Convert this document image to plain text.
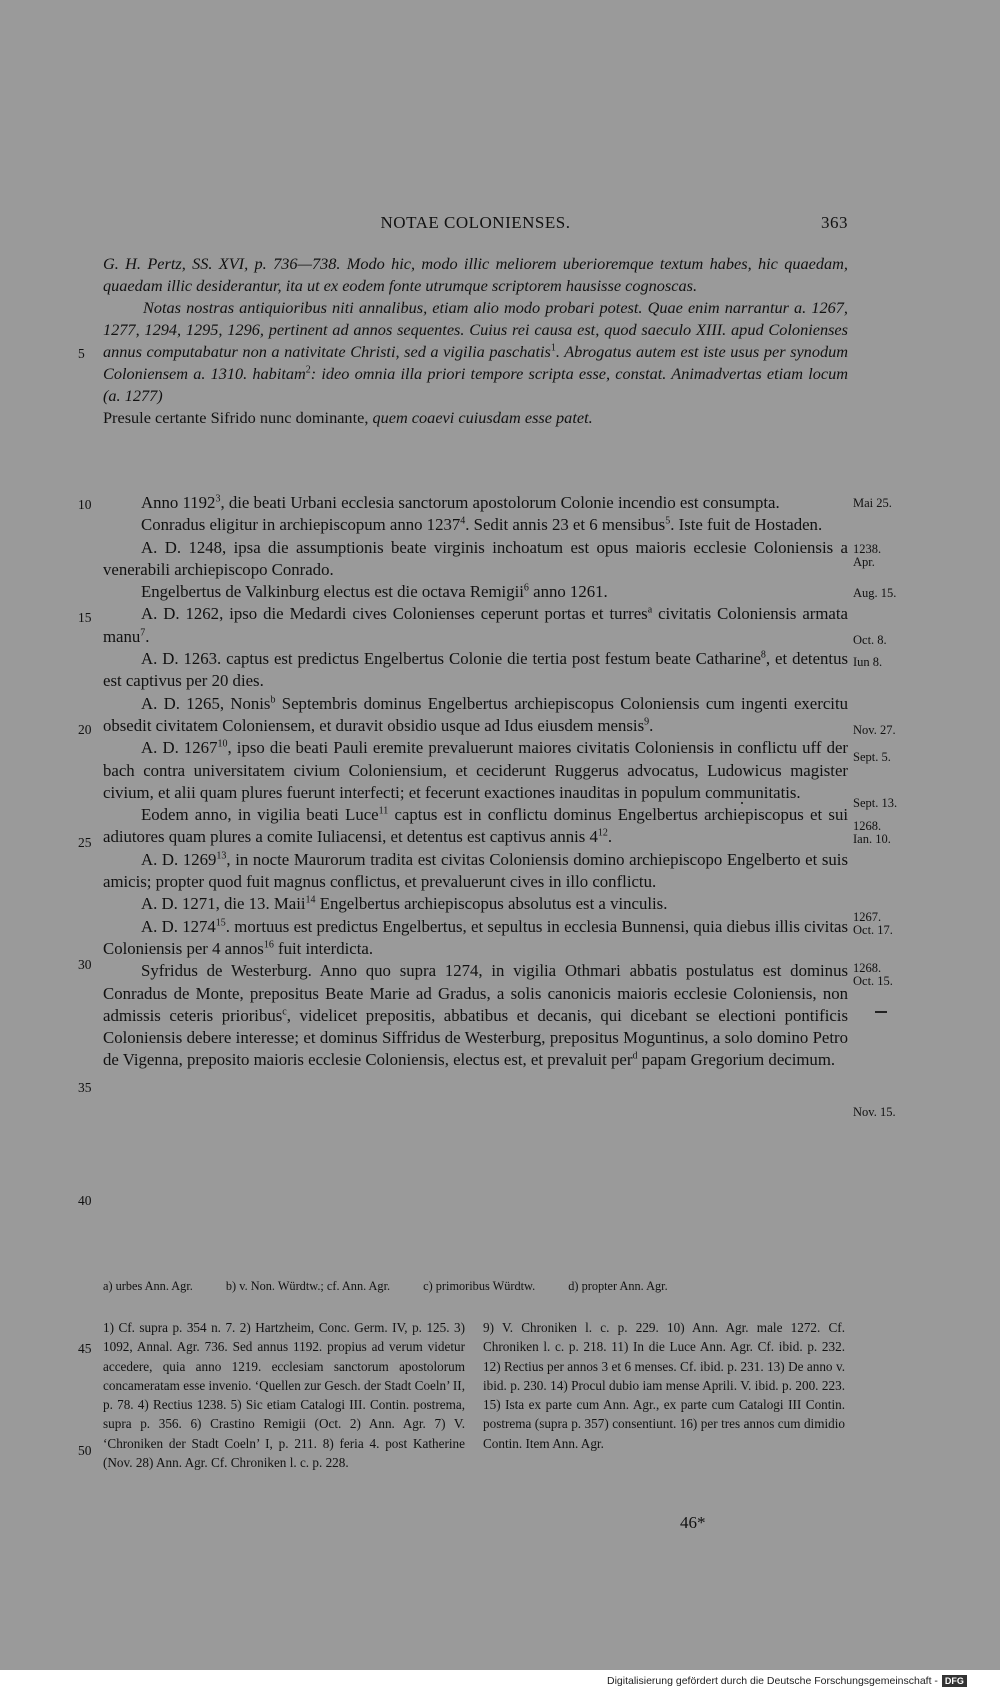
NOTAE COLONIENSES.	363

G. H. Pertz, SS. XVI, p. 736—738. Modo hic, modo illic meliorem uberioremque textum habes, hic quaedam, quaedam illic desiderantur, ita ut ex eodem fonte utrumque scriptorem hausisse cognoscas.

Notas nostras antiquioribus niti annalibus, etiam alio modo probari potest. Quae enim narrantur a. 1267, 1277, 1294, 1295, 1296, pertinent ad annos sequentes. Cuius rei causa est, quod saeculo XIII. apud Colonienses annus computabatur non a nativitate Christi, sed a vigilia paschatis$^1$. Abrogatus autem est iste usus per synodum Coloniensem a. 1310. habitam$^2$: ideo omnia illa priori tempore scripta esse, constat. Animadvertas etiam locum (a. 1277)
Presule certante Sifrido nunc dominante, quem coaevi cuiusdam esse patet.

5
10
15
20
25
30
35
40
45
50
Mai 25.
1238.
Apr.
Aug. 15.
Oct. 8.
Iun 8.
Nov. 27.
Sept. 5.
Sept. 13.
1268.
Ian. 10.
1267.
Oct. 17.
1268.
Oct. 15.
Nov. 15.

Anno 1192$^3$, die beati Urbani ecclesia sanctorum apostolorum Colonie incendio est consumpta.

Conradus eligitur in archiepiscopum anno 1237$^4$. Sedit annis 23 et 6 mensibus$^5$. Iste fuit de Hostaden.

A. D. 1248, ipsa die assumptionis beate virginis inchoatum est opus maioris ecclesie Coloniensis a venerabili archiepiscopo Conrado.

Engelbertus de Valkinburg electus est die octava Remigii$^6$ anno 1261.

A. D. 1262, ipso die Medardi cives Colonienses ceperunt portas et turres$^a$ civitatis Coloniensis armata manu$^7$.

A. D. 1263. captus est predictus Engelbertus Colonie die tertia post festum beate Catharine$^8$, et detentus est captivus per 20 dies.

A. D. 1265, Nonis$^b$ Septembris dominus Engelbertus archiepiscopus Coloniensis cum ingenti exercitu obsedit civitatem Coloniensem, et duravit obsidio usque ad Idus eiusdem mensis$^9$.

A. D. 1267$^{10}$, ipso die beati Pauli eremite prevaluerunt maiores civitatis Coloniensis in conflictu uff der bach contra universitatem civium Coloniensium, et ceciderunt Ruggerus advocatus, Ludowicus magister civium, et alii quam plures fuerunt interfecti; et fecerunt exactiones inauditas in populum communitatis.

Eodem anno, in vigilia beati Luce$^{11}$ captus est in conflictu dominus Engelbertus archiepiscopus et sui adiutores quam plures a comite Iuliacensi, et detentus est captivus annis $4^{12}$.

A. D. 1269$^{13}$, in nocte Maurorum tradita est civitas Coloniensis domino archiepiscopo Engelberto et suis amicis; propter quod fuit magnus conflictus, et prevaluerunt cives in illo conflictu.

A. D. 1271, die 13. Maii$^{14}$ Engelbertus archiepiscopus absolutus est a vinculis.

A. D. 1274$^{15}$. mortuus est predictus Engelbertus, et sepultus in ecclesia Bunnensi, quia diebus illis civitas Coloniensis per 4 annos$^{16}$ fuit interdicta.

Syfridus de Westerburg. Anno quo supra 1274, in vigilia Othmari abbatis postulatus est dominus Conradus de Monte, prepositus Beate Marie ad Gradus, a solis canonicis maioris ecclesie Coloniensis, non admissis ceteris prioribus$^c$, videlicet prepositis, abbatibus et decanis, qui dicebant se electioni pontificis Coloniensis debere interesse; et dominus Siffridus de Westerburg, prepositus Moguntinus, a solo domino Petro de Vigenna, preposito maioris ecclesie Coloniensis, electus est, et prevaluit per$^d$ papam Gregorium decimum.

a) urbes Ann. Agr.	b) v. Non. Würdtw.; cf. Ann. Agr.	c) primoribus Würdtw.	d) propter Ann. Agr.
1) Cf. supra p. 354 n. 7. 2) Hartzheim, Conc. Germ. IV, p. 125. 3) 1092, Annal. Agr. 736. Sed annus 1192. propius ad verum videtur accedere, quia anno 1219. ecclesiam sanctorum apostolorum concameratam esse invenio. ‘Quellen zur Gesch. der Stadt Coeln’ II, p. 78. 4) Rectius 1238. 5) Sic etiam Catalogi III. Contin. postrema, supra p. 356. 6) Crastino Remigii (Oct. 2) Ann. Agr. 7) V. ‘Chroniken der Stadt Coeln’ I, p. 211. 8) feria 4. post Katherine (Nov. 28) Ann. Agr. Cf. Chroniken l. c. p. 228.
9) V. Chroniken l. c. p. 229. 10) Ann. Agr. male 1272. Cf. Chroniken l. c. p. 218. 11) In die Luce Ann. Agr. Cf. ibid. p. 232. 12) Rectius per annos 3 et 6 menses. Cf. ibid. p. 231. 13) De anno v. ibid. p. 230. 14) Procul dubio iam mense Aprili. V. ibid. p. 200. 223. 15) Ista ex parte cum Ann. Agr., ex parte cum Catalogi III Contin. postrema (supra p. 357) consentiunt. 16) per tres annos cum dimidio Contin. Item Ann. Agr.
46*
Digitalisierung gefördert durch die Deutsche Forschungsgemeinschaft - DFG
